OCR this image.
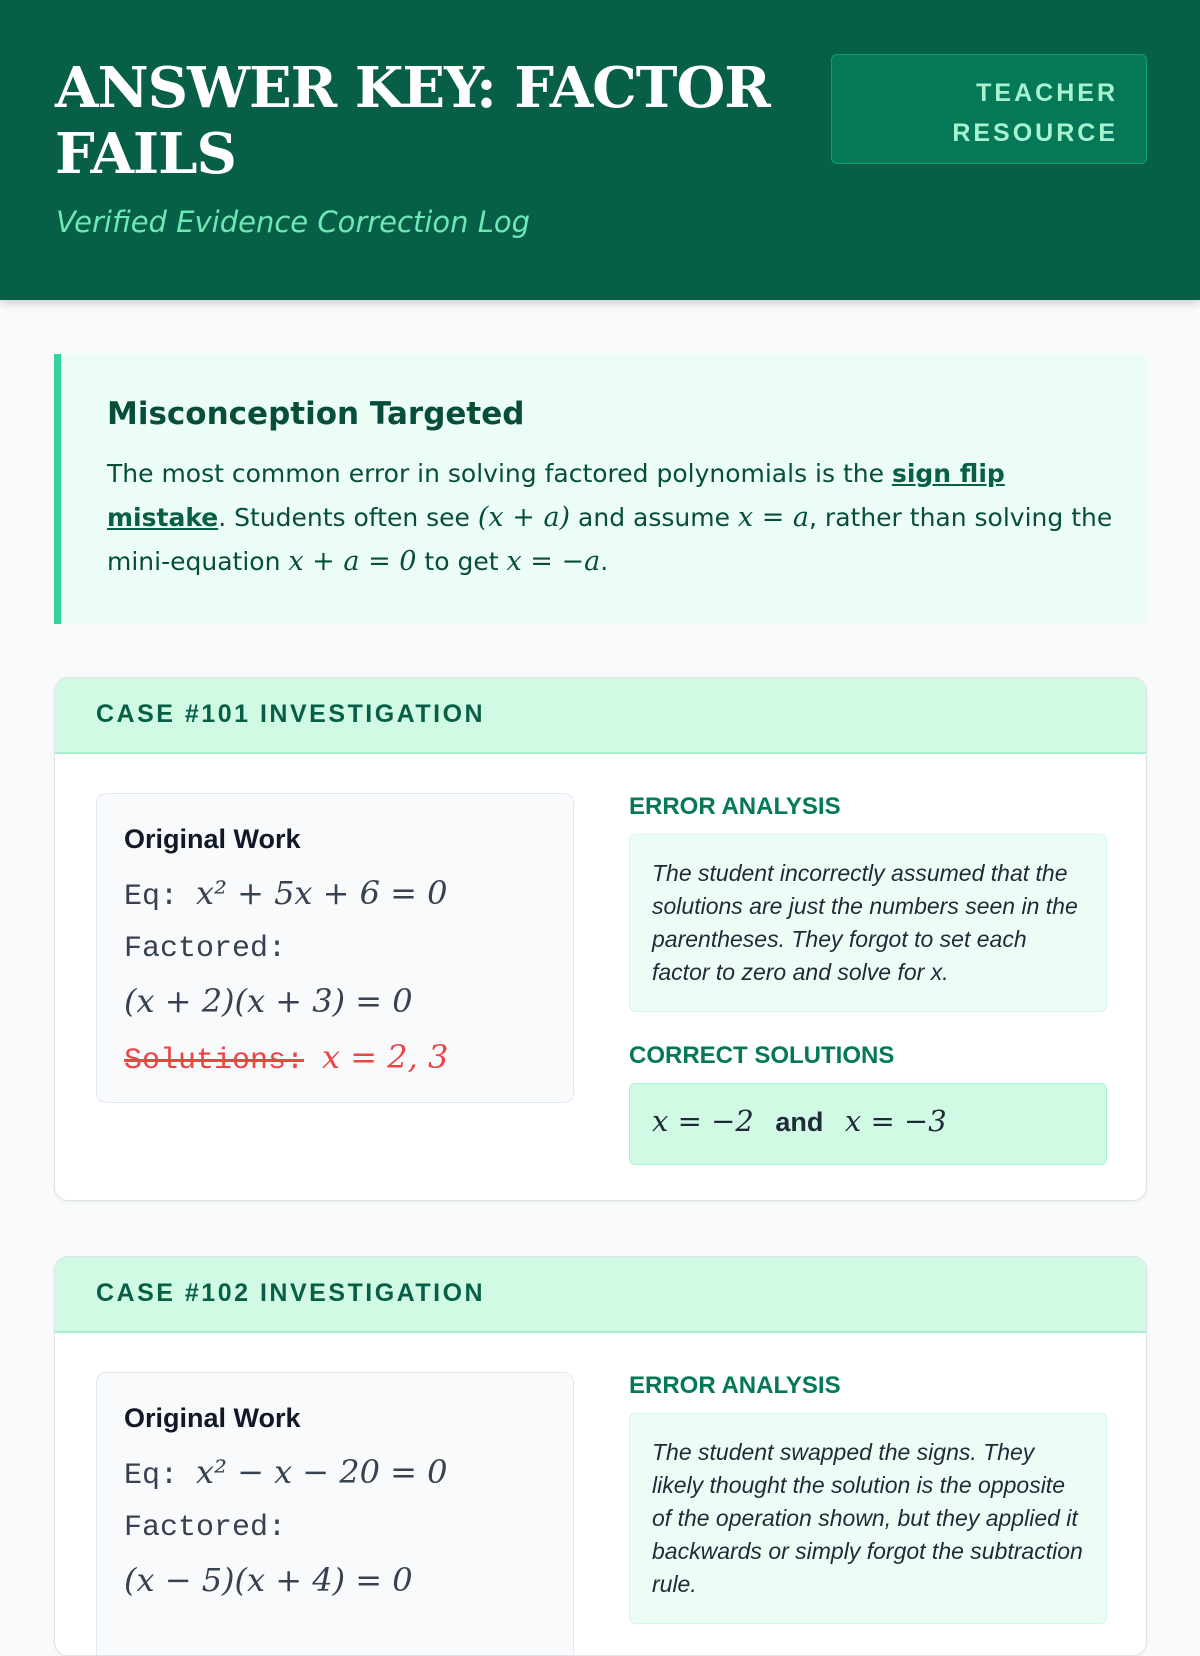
ANSWER KEY: FACTOR FAILS
Verified Evidence Correction Log
TEACHER RESOURCE
Misconception Targeted

The most common error in solving factored polynomials is the sign flip mistake. Students often see (x + a) and assume x = a, rather than solving the mini-equation x + a = 0 to get x = −a.

CASE #101 INVESTIGATION
Original Work
Eq: x² + 5x + 6 = 0
Factored:
(x + 2)(x + 3) = 0
Solutions: x = 2, 3
ERROR ANALYSIS
The student incorrectly assumed that the solutions are just the numbers seen in the parentheses. They forgot to set each factor to zero and solve for x.
CORRECT SOLUTIONS
x = −2 and x = −3
CASE #102 INVESTIGATION
Original Work
Eq: x² − x − 20 = 0
Factored:
(x − 5)(x + 4) = 0
ERROR ANALYSIS
The student swapped the signs. They likely thought the solution is the opposite of the operation shown, but they applied it backwards or simply forgot the subtraction rule.
